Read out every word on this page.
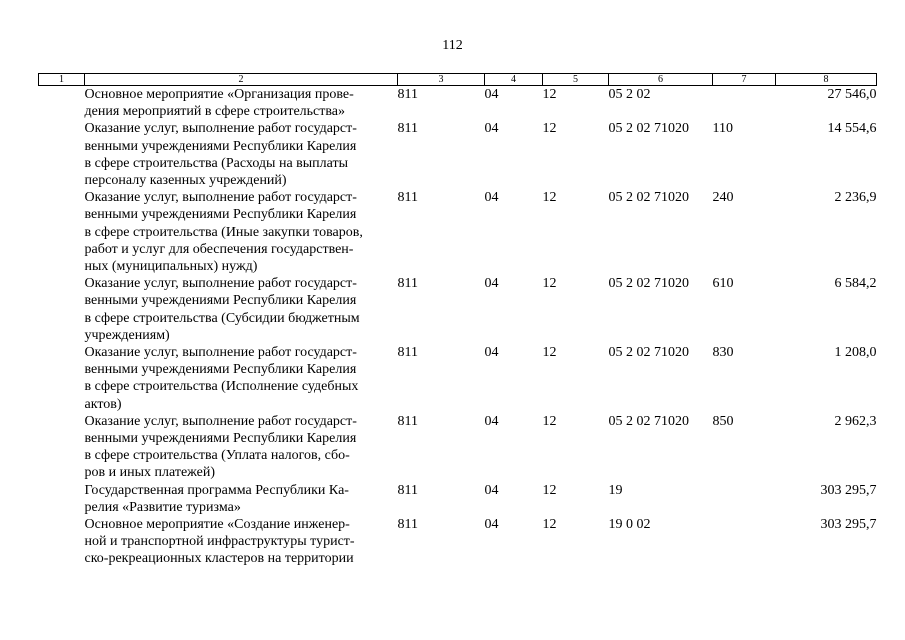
112
1	2	3	4	5	6	7	8

	Основное мероприятие «Организация прове-
дения мероприятий в сфере строительства»	811	04	12	05 2 02		27 546,0

	Оказание услуг, выполнение работ государст-
венными учреждениями Республики Карелия
в сфере строительства (Расходы на выплаты
персоналу казенных учреждений)	811	04	12	05 2 02 71020	110	14 554,6

	Оказание услуг, выполнение работ государст-
венными учреждениями Республики Карелия
в сфере строительства (Иные закупки товаров,
работ и услуг для обеспечения государствен-
ных (муниципальных) нужд)	811	04	12	05 2 02 71020	240	2 236,9

	Оказание услуг, выполнение работ государст-
венными учреждениями Республики Карелия
в сфере строительства (Субсидии бюджетным
учреждениям)	811	04	12	05 2 02 71020	610	6 584,2

	Оказание услуг, выполнение работ государст-
венными учреждениями Республики Карелия
в сфере строительства (Исполнение судебных
актов)	811	04	12	05 2 02 71020	830	1 208,0

	Оказание услуг, выполнение работ государст-
венными учреждениями Республики Карелия
в сфере строительства (Уплата налогов, сбо-
ров и иных платежей)	811	04	12	05 2 02 71020	850	2 962,3

	Государственная программа Республики Ка-
релия «Развитие туризма»	811	04	12	19		303 295,7

	Основное мероприятие «Создание инженер-
ной и транспортной инфраструктуры турист-
ско-рекреационных кластеров на территории	811	04	12	19 0 02		303 295,7
